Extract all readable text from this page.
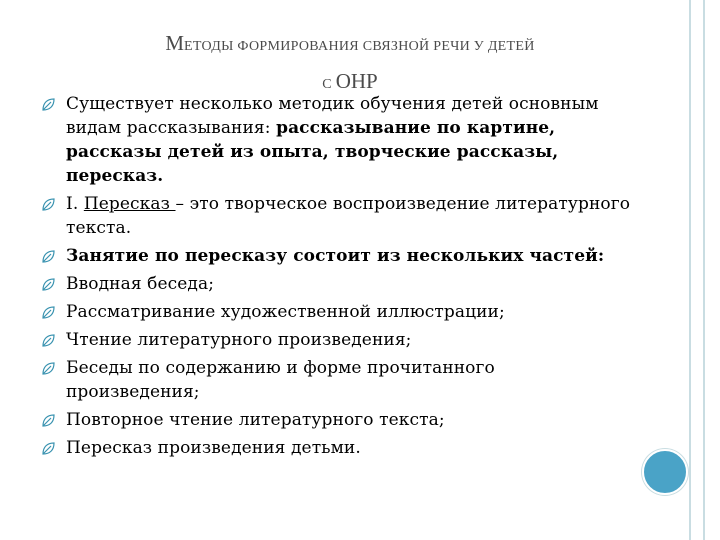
МЕТОДЫ ФОРМИРОВАНИЯ СВЯЗНОЙ РЕЧИ У ДЕТЕЙ
С ОНР
Существует несколько методик обучения детей основным видам рассказывания: рассказывание по картине, рассказы детей из опыта, творческие рассказы, пересказ.
I. Пересказ – это творческое воспроизведение литературного текста.
Занятие по пересказу состоит из нескольких частей:
Вводная беседа;
Рассматривание художественной иллюстрации;
Чтение литературного произведения;
Беседы по содержанию и форме прочитанного произведения;
Повторное чтение литературного текста;
Пересказ произведения детьми.
